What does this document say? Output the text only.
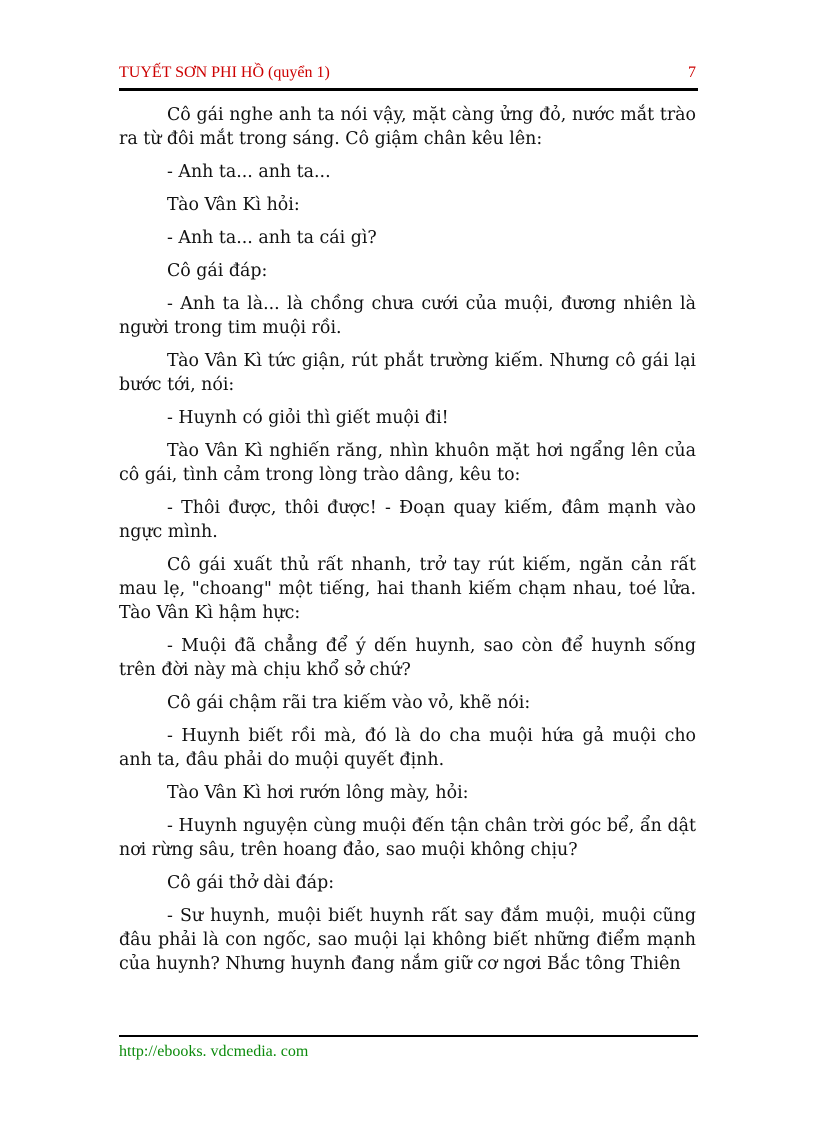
TUYẾT SƠN PHI HỒ (quyển 1)	7

Cô gái nghe anh ta nói vậy, mặt càng ửng đỏ, nước mắt trào ra từ đôi mắt trong sáng. Cô giậm chân kêu lên:

- Anh ta... anh ta...

Tào Vân Kì hỏi:

- Anh ta... anh ta cái gì?

Cô gái đáp:

- Anh ta là... là chồng chưa cưới của muội, đương nhiên là người trong tim muội rồi.

Tào Vân Kì tức giận, rút phắt trường kiếm. Nhưng cô gái lại bước tới, nói:

- Huynh có giỏi thì giết muội đi!

Tào Vân Kì nghiến răng, nhìn khuôn mặt hơi ngẩng lên của cô gái, tình cảm trong lòng trào dâng, kêu to:

- Thôi được, thôi được! - Đoạn quay kiếm, đâm mạnh vào ngực mình.

Cô gái xuất thủ rất nhanh, trở tay rút kiếm, ngăn cản rất mau lẹ, "choang" một tiếng, hai thanh kiếm chạm nhau, toé lửa. Tào Vân Kì hậm hực:

- Muội đã chẳng để ý dến huynh, sao còn để huynh sống trên đời này mà chịu khổ sở chứ?

Cô gái chậm rãi tra kiếm vào vỏ, khẽ nói:

- Huynh biết rồi mà, đó là do cha muội hứa gả muội cho anh ta, đâu phải do muội quyết định.

Tào Vân Kì hơi rướn lông mày, hỏi:

- Huynh nguyện cùng muội đến tận chân trời góc bể, ẩn dật nơi rừng sâu, trên hoang đảo, sao muội không chịu?

Cô gái thở dài đáp:

- Sư huynh, muội biết huynh rất say đắm muội, muội cũng đâu phải là con ngốc, sao muội lại không biết những điểm mạnh của huynh? Nhưng huynh đang nắm giữ cơ ngơi Bắc tông Thiên

http://ebooks. vdcmedia. com
